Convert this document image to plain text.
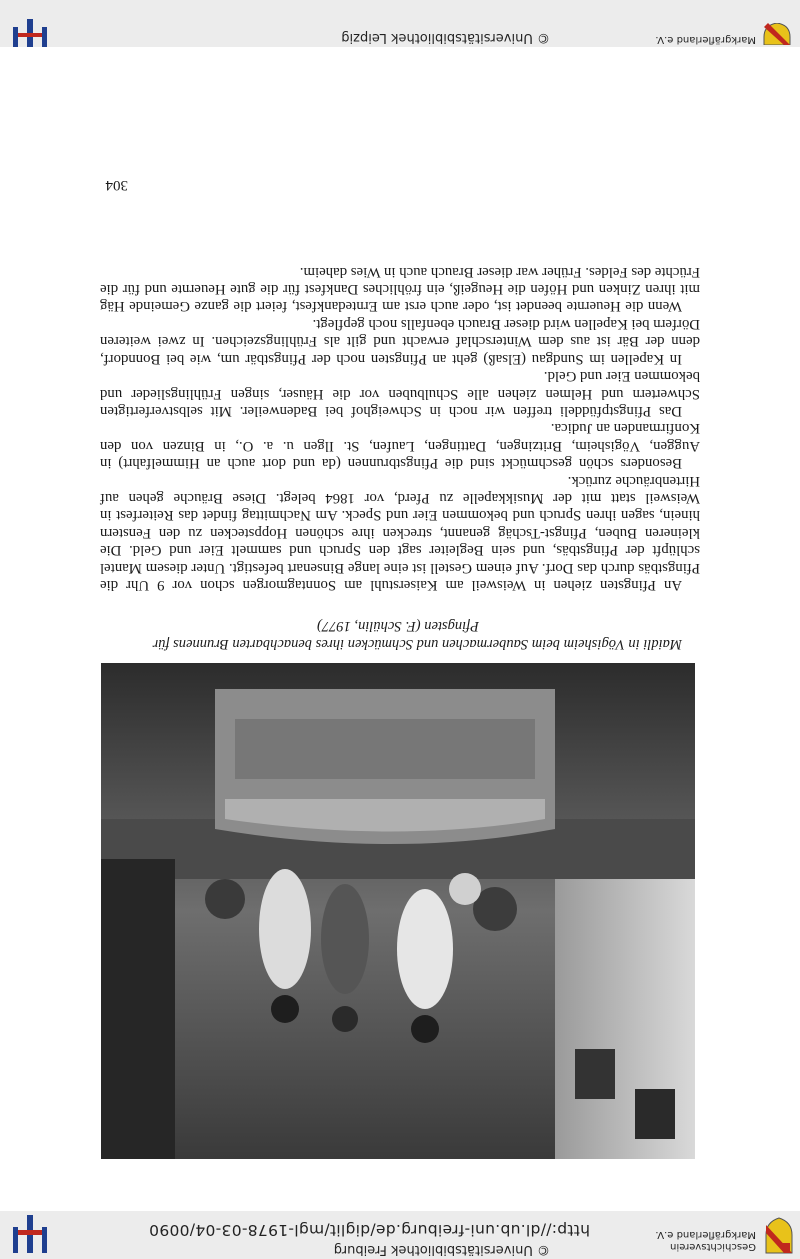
Geschichtsverein
Markgräflerland e.V.
© Universitätsbibliothek Freiburg
http://dl.ub.uni-freiburg.de/diglit/mgl-1978-03-04/0090

Maidli in Vögisheim beim Saubermachen und Schmücken ihres benachbarten Brunnens für

Pfingsten (F. Schülin, 1977)

An Pfingsten ziehen in Weisweil am Kaiserstuhl am Sonntagmorgen schon vor 9 Uhr die Pfingstbäs durch das Dorf. Auf einem Gestell ist eine lange Binsenart befestigt. Unter diesem Mantel schlüpft der Pfingstbäs, und sein Begleiter sagt den Spruch und sammelt Eier und Geld. Die kleineren Buben, Pfingst-Tschäg genannt, strecken ihre schönen Hoppstecken zu den Fenstern hinein, sagen ihren Spruch und bekommen Eier und Speck. Am Nachmittag findet das Reiterfest in Weisweil statt mit der Musikkapelle zu Pferd, vor 1864 belegt. Diese Bräuche gehen auf Hirtenbräuche zurück.

Besonders schön geschmückt sind die Pfingstbrunnen (da und dort auch an Himmelfahrt) in Auggen, Vögisheim, Britzingen, Dattingen, Laufen, St. Ilgen u. a. O., in Binzen von den Konfirmanden an Judica.

Das Pfingstpfüddeli treffen wir noch in Schweighof bei Badenweiler. Mit selbstverfertigten Schwertern und Helmen ziehen alle Schulbuben vor die Häuser, singen Frühlingslieder und bekommen Eier und Geld.

In Kapellen im Sundgau (Elsaß) geht an Pfingsten noch der Pfingstbär um, wie bei Bonndorf, denn der Bär ist aus dem Winterschlaf erwacht und gilt als Frühlingszeichen. In zwei weiteren Dörfern bei Kapellen wird dieser Brauch ebenfalls noch gepflegt.

Wenn die Heuernte beendet ist, oder auch erst am Erntedankfest, feiert die ganze Gemeinde Häg mit ihren Zinken und Höfen die Heugeiß, ein fröhliches Dankfest für die gute Heuernte und für die Früchte des Feldes. Früher war dieser Brauch auch in Wies daheim.

304
Markgräflerland e.V.
© Universitätsbibliothek Leipzig
